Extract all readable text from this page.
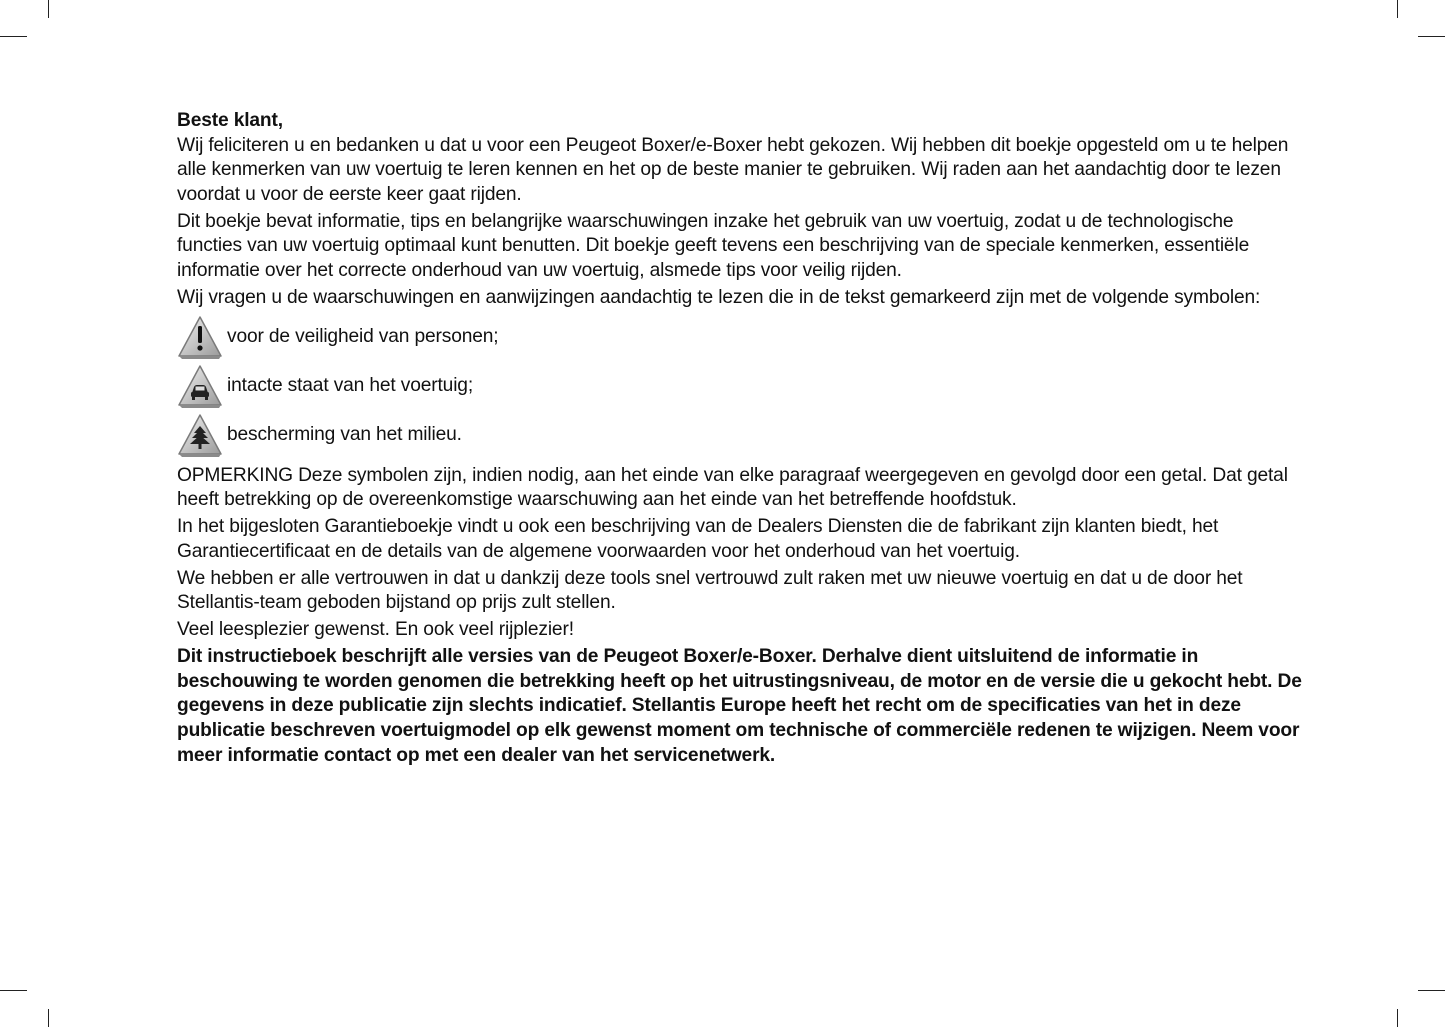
Beste klant,

Wij feliciteren u en bedanken u dat u voor een Peugeot Boxer/e-Boxer hebt gekozen. Wij hebben dit boekje opgesteld om u te helpen alle kenmerken van uw voertuig te leren kennen en het op de beste manier te gebruiken. Wij raden aan het aandachtig door te lezen voordat u voor de eerste keer gaat rijden.

Dit boekje bevat informatie, tips en belangrijke waarschuwingen inzake het gebruik van uw voertuig, zodat u de technologische functies van uw voertuig optimaal kunt benutten. Dit boekje geeft tevens een beschrijving van de speciale kenmerken, essentiële informatie over het correcte onderhoud van uw voertuig, alsmede tips voor veilig rijden.

Wij vragen u de waarschuwingen en aanwijzingen aandachtig te lezen die in de tekst gemarkeerd zijn met de volgende symbolen:

voor de veiligheid van personen;
intacte staat van het voertuig;
bescherming van het milieu.

OPMERKING Deze symbolen zijn, indien nodig, aan het einde van elke paragraaf weergegeven en gevolgd door een getal. Dat getal heeft betrekking op de overeenkomstige waarschuwing aan het einde van het betreffende hoofdstuk.

In het bijgesloten Garantieboekje vindt u ook een beschrijving van de Dealers Diensten die de fabrikant zijn klanten biedt, het Garantiecertificaat en de details van de algemene voorwaarden voor het onderhoud van het voertuig.

We hebben er alle vertrouwen in dat u dankzij deze tools snel vertrouwd zult raken met uw nieuwe voertuig en dat u de door het Stellantis-team geboden bijstand op prijs zult stellen.

Veel leesplezier gewenst. En ook veel rijplezier!

Dit instructieboek beschrijft alle versies van de Peugeot Boxer/e-Boxer. Derhalve dient uitsluitend de informatie in beschouwing te worden genomen die betrekking heeft op het uitrustingsniveau, de motor en de versie die u gekocht hebt. De gegevens in deze publicatie zijn slechts indicatief. Stellantis Europe heeft het recht om de specificaties van het in deze publicatie beschreven voertuigmodel op elk gewenst moment om technische of commerciële redenen te wijzigen. Neem voor meer informatie contact op met een dealer van het servicenetwerk.
